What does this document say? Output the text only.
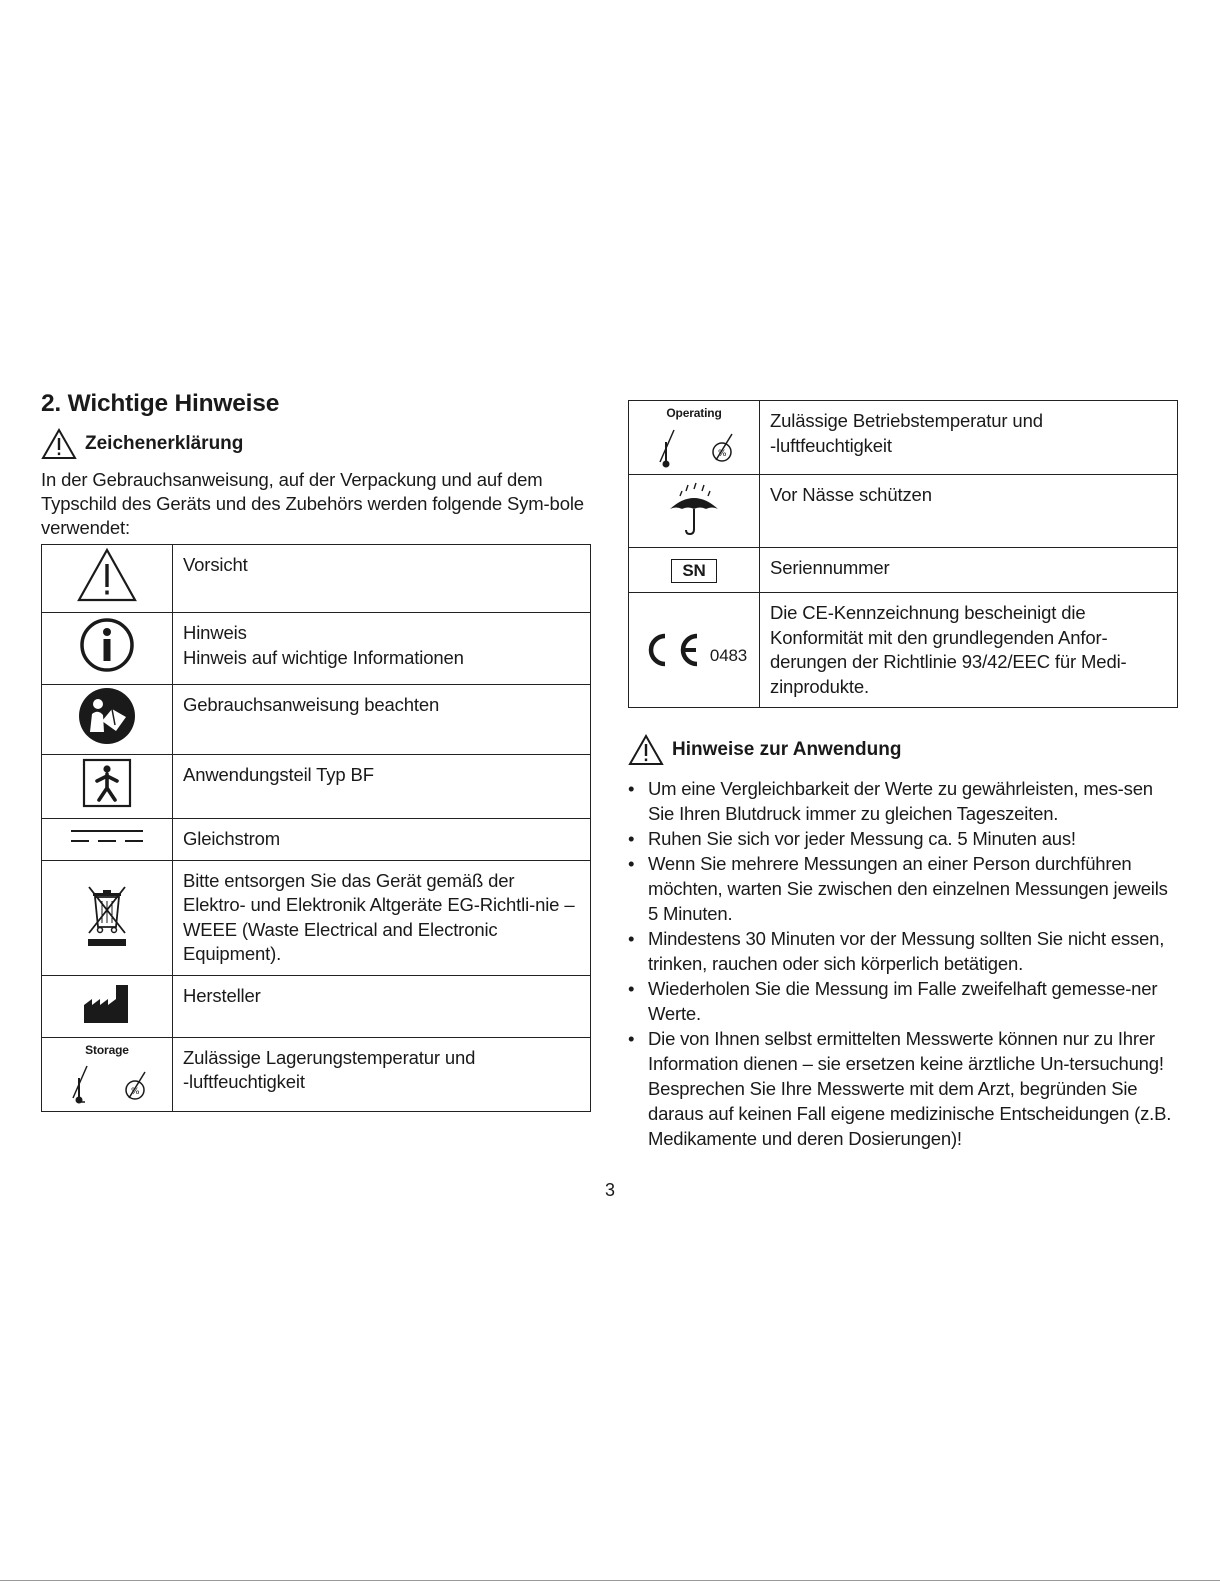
2. Wichtige Hinweise
Zeichenerklärung

In der Gebrauchsanweisung, auf der Verpackung und auf dem Typschild des Geräts und des Zubehörs werden folgende Sym-bole verwendet:

	Vorsicht

Hinweis
Hinweis auf wichtige Informationen

	Gebrauchsanweisung beachten
	Anwendungsteil Typ BF
	Gleichstrom
	Bitte entsorgen Sie das Gerät gemäß der Elektro- und Elektronik Altgeräte EG-Richtli-nie – WEEE (Waste Electrical and Electronic Equipment).
	Hersteller

Storage
%	Zulässige Lagerungstemperatur und
-luftfeuchtigkeit
Operating
%	Zulässige Betriebstemperatur und
-luftfeuchtigkeit

	Vor Nässe schützen
SN	Seriennummer
0483	Die CE-Kennzeichnung bescheinigt die Konformität mit den grundlegenden Anfor-derungen der Richtlinie 93/42/EEC für Medi-zinprodukte.
Hinweise zur Anwendung
• Um eine Vergleichbarkeit der Werte zu gewährleisten, mes-sen Sie Ihren Blutdruck immer zu gleichen Tageszeiten.
• Ruhen Sie sich vor jeder Messung ca. 5 Minuten aus!
• Wenn Sie mehrere Messungen an einer Person durchführen möchten, warten Sie zwischen den einzelnen Messungen jeweils 5 Minuten.
• Mindestens 30 Minuten vor der Messung sollten Sie nicht essen, trinken, rauchen oder sich körperlich betätigen.
• Wiederholen Sie die Messung im Falle zweifelhaft gemesse-ner Werte.
• Die von Ihnen selbst ermittelten Messwerte können nur zu Ihrer Information dienen – sie ersetzen keine ärztliche Un-tersuchung! Besprechen Sie Ihre Messwerte mit dem Arzt, begründen Sie daraus auf keinen Fall eigene medizinische Entscheidungen (z.B. Medikamente und deren Dosierungen)!
3
